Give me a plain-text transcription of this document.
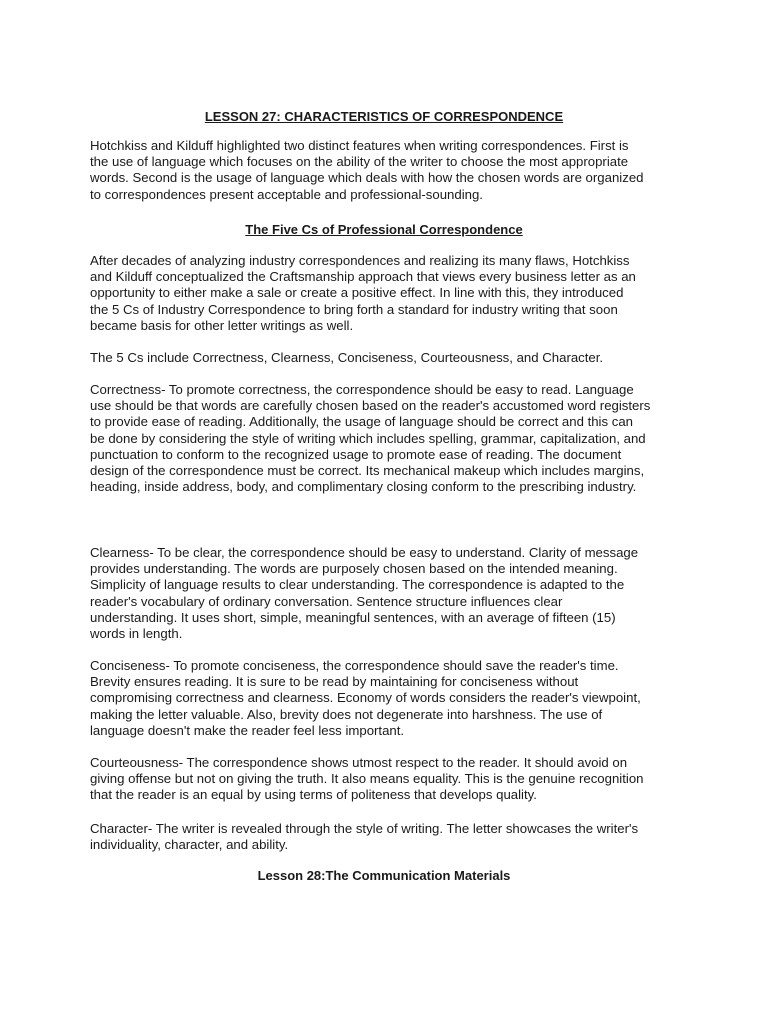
LESSON 27: CHARACTERISTICS OF CORRESPONDENCE

Hotchkiss and Kilduff highlighted two distinct features when writing correspondences. First is
the use of language which focuses on the ability of the writer to choose the most appropriate
words. Second is the usage of language which deals with how the chosen words are organized
to correspondences present acceptable and professional-sounding.

The Five Cs of Professional Correspondence

After decades of analyzing industry correspondences and realizing its many flaws, Hotchkiss
and Kilduff conceptualized the Craftsmanship approach that views every business letter as an
opportunity to either make a sale or create a positive effect. In line with this, they introduced
the 5 Cs of Industry Correspondence to bring forth a standard for industry writing that soon
became basis for other letter writings as well.
The 5 Cs include Correctness, Clearness, Conciseness, Courteousness, and Character.
Correctness- To promote correctness, the correspondence should be easy to read. Language
use should be that words are carefully chosen based on the reader's accustomed word registers
to provide ease of reading. Additionally, the usage of language should be correct and this can
be done by considering the style of writing which includes spelling, grammar, capitalization, and
punctuation to conform to the recognized usage to promote ease of reading. The document
design of the correspondence must be correct. Its mechanical makeup which includes margins,
heading, inside address, body, and complimentary closing conform to the prescribing industry.
Clearness- To be clear, the correspondence should be easy to understand. Clarity of message
provides understanding. The words are purposely chosen based on the intended meaning.
Simplicity of language results to clear understanding. The correspondence is adapted to the
reader's vocabulary of ordinary conversation. Sentence structure influences clear
understanding. It uses short, simple, meaningful sentences, with an average of fifteen (15)
words in length.
Conciseness- To promote conciseness, the correspondence should save the reader's time.
Brevity ensures reading. It is sure to be read by maintaining for conciseness without
compromising correctness and clearness. Economy of words considers the reader's viewpoint,
making the letter valuable. Also, brevity does not degenerate into harshness. The use of
language doesn't make the reader feel less important.
Courteousness- The correspondence shows utmost respect to the reader. It should avoid on
giving offense but not on giving the truth. It also means equality. This is the genuine recognition
that the reader is an equal by using terms of politeness that develops quality.
Character- The writer is revealed through the style of writing. The letter showcases the writer's
individuality, character, and ability.

Lesson 28:The Communication Materials
